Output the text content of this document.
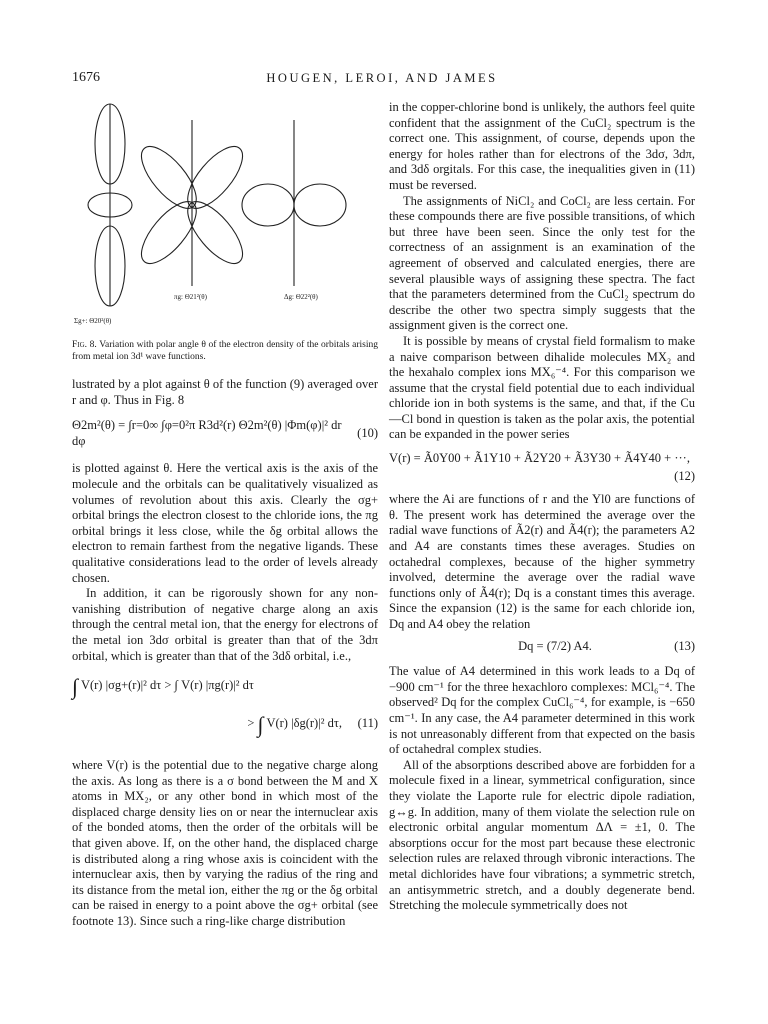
1676	HOUGEN, LEROI, AND JAMES
Σg+: Θ20²(θ)
πg: Θ21²(θ)	Δg: Θ22²(θ)
Fig. 8. Variation with polar angle θ of the electron density of the orbitals arising from metal ion 3d¹ wave functions.

lustrated by a plot against θ of the function (9) averaged over r and φ. Thus in Fig. 8

Θ2m²(θ) = ∫r=0∞ ∫φ=0²π R3d²(r) Θ2m²(θ) |Φm(φ)|² dr dφ
(10)

is plotted against θ. Here the vertical axis is the axis of the molecule and the orbitals can be qualitatively visualized as volumes of revolution about this axis. Clearly the σg+ orbital brings the electron closest to the chloride ions, the πg orbital brings it less close, while the δg orbital allows the electron to remain farthest from the negative ligands. These qualitative considerations lead to the order of levels already chosen.

In addition, it can be rigorously shown for any non-vanishing distribution of negative charge along an axis through the central metal ion, that the energy for electrons of the metal ion 3dσ orbital is greater than that of the 3dπ orbital, which is greater than that of the 3dδ orbital, i.e.,

∫ V(r) |σg+(r)|² dτ > ∫ V(r) |πg(r)|² dτ
> ∫ V(r) |δg(r)|² dτ, (11)

where V(r) is the potential due to the negative charge along the axis. As long as there is a σ bond between the M and X atoms in MX₂, or any other bond in which most of the displaced charge density lies on or near the internuclear axis of the bonded atoms, then the order of the orbitals will be that given above. If, on the other hand, the displaced charge is distributed along a ring whose axis is coincident with the internuclear axis, then by varying the radius of the ring and its distance from the metal ion, either the πg or the δg orbital can be raised in energy to a point above the σg+ orbital (see footnote 13). Since such a ring-like charge distribution

in the copper-chlorine bond is unlikely, the authors feel quite confident that the assignment of the CuCl₂ spectrum is the correct one. This assignment, of course, depends upon the energy for holes rather than for electrons of the 3dσ, 3dπ, and 3dδ orgitals. For this case, the inequalities given in (11) must be reversed.

The assignments of NiCl₂ and CoCl₂ are less certain. For these compounds there are five possible transitions, of which but three have been seen. Since the only test for the correctness of an assignment is an examination of the agreement of observed and calculated energies, there are several plausible ways of assigning these spectra. The fact that the parameters determined from the CuCl₂ spectrum do describe the other two spectra simply suggests that the assignment given is the correct one.

It is possible by means of crystal field formalism to make a naive comparison between dihalide molecules MX₂ and the hexahalo complex ions MX₆⁻⁴. For this comparison we assume that the crystal field potential due to each individual chloride ion in both systems is the same, and that, if the Cu—Cl bond in question is taken as the polar axis, the potential can be expanded in the power series

V(r) = Ã0Y00 + Ã1Y10 + Ã2Y20 + Ã3Y30 + Ã4Y40 + ···,
(12)

where the Ai are functions of r and the Yl0 are functions of θ. The present work has determined the average over the radial wave functions of Ã2(r) and Ã4(r); the parameters A2 and A4 are constants times these averages. Studies on octahedral complexes, because of the higher symmetry involved, determine the average over the radial wave functions only of Ã4(r); Dq is a constant times this average. Since the expansion (12) is the same for each chloride ion, Dq and A4 obey the relation

Dq = (7/2) A4.	(13)

The value of A4 determined in this work leads to a Dq of −900 cm⁻¹ for the three hexachloro complexes: MCl₆⁻⁴. The observed² Dq for the complex CuCl₆⁻⁴, for example, is −650 cm⁻¹. In any case, the A4 parameter determined in this work is not unreasonably different from that expected on the basis of octahedral complex studies.

All of the absorptions described above are forbidden for a molecule fixed in a linear, symmetrical configuration, since they violate the Laporte rule for electric dipole radiation, g↔g. In addition, many of them violate the selection rule on electronic orbital angular momentum ΔΛ = ±1, 0. The absorptions occur for the most part because these electronic selection rules are relaxed through vibronic interactions. The metal dichlorides have four vibrations; a symmetric stretch, an antisymmetric stretch, and a doubly degenerate bend. Stretching the molecule symmetrically does not
